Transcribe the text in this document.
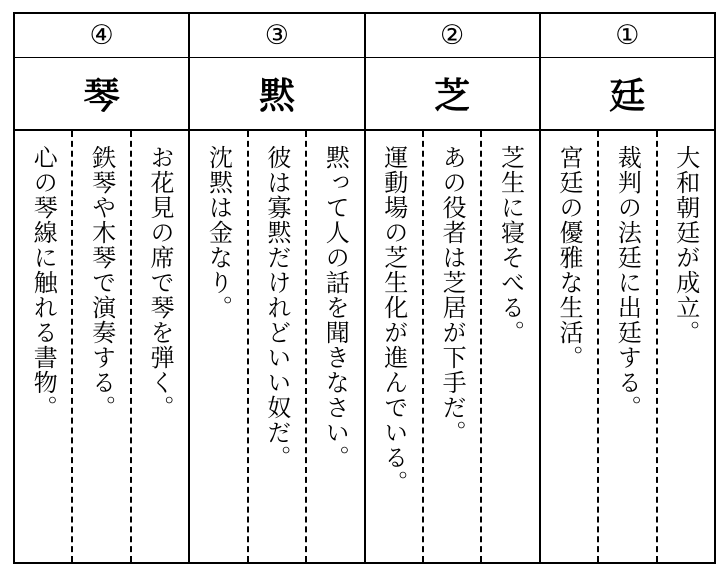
④
琴
心の琴線に触れる書物。 鉄琴や木琴で演奏する。 お花見の席で琴を弾く。
③
黙
沈黙は金なり。 彼は寡黙だけれどいい奴だ。 黙って人の話を聞きなさい。
②
芝
運動場の芝生化が進んでいる。 あの役者は芝居が下手だ。 芝生に寝そべる。
①
廷
宮廷の優雅な生活。 裁判の法廷に出廷する。 大和朝廷が成立。
